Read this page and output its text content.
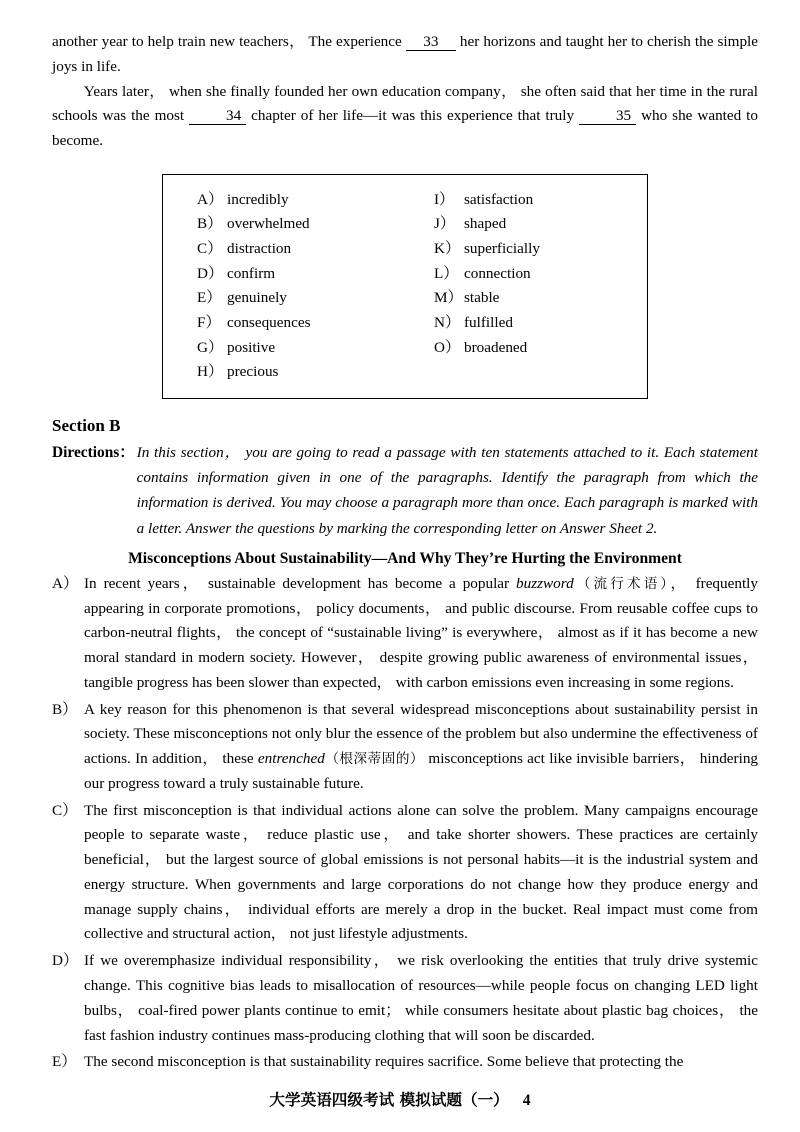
another year to help train new teachers， The experience 33 her horizons and taught her to cherish the simple joys in life.

Years later， when she finally founded her own education company， she often said that her time in the rural schools was the most 34 chapter of her life—it was this experience that truly 35 who she wanted to become.

A） incredibly
B） overwhelmed
C） distraction
D） confirm
E） genuinely
F） consequences
G） positive
H） precious
I） satisfaction
J） shaped
K） superficially
L） connection
M）stable
N） fulfilled
O） broadened
Section B
Directions： In this section， you are going to read a passage with ten statements attached to it. Each statement contains information given in one of the paragraphs. Identify the paragraph from which the information is derived. You may choose a paragraph more than once. Each paragraph is marked with a letter. Answer the questions by marking the corresponding letter on Answer Sheet 2.
Misconceptions About Sustainability—And Why They’re Hurting the Environment
A） In recent years， sustainable development has become a popular buzzword（流行术语）， frequently appearing in corporate promotions， policy documents， and public discourse. From reusable coffee cups to carbon-neutral flights， the concept of “sustainable living” is everywhere， almost as if it has become a new moral standard in modern society. However， despite growing public awareness of environmental issues， tangible progress has been slower than expected， with carbon emissions even increasing in some regions.
B） A key reason for this phenomenon is that several widespread misconceptions about sustainability persist in society. These misconceptions not only blur the essence of the problem but also undermine the effectiveness of actions. In addition， these entrenched（根深蒂固的） misconceptions act like invisible barriers， hindering our progress toward a truly sustainable future.
C） The first misconception is that individual actions alone can solve the problem. Many campaigns encourage people to separate waste， reduce plastic use， and take shorter showers. These practices are certainly beneficial， but the largest source of global emissions is not personal habits—it is the industrial system and energy structure. When governments and large corporations do not change how they produce energy and manage supply chains， individual efforts are merely a drop in the bucket. Real impact must come from collective and structural action， not just lifestyle adjustments.
D） If we overemphasize individual responsibility， we risk overlooking the entities that truly drive systemic change. This cognitive bias leads to misallocation of resources—while people focus on changing LED light bulbs， coal-fired power plants continue to emit； while consumers hesitate about plastic bag choices， the fast fashion industry continues mass-producing clothing that will soon be discarded.
E） The second misconception is that sustainability requires sacrifice. Some believe that protecting the
大学英语四级考试 模拟试题（一） 4
